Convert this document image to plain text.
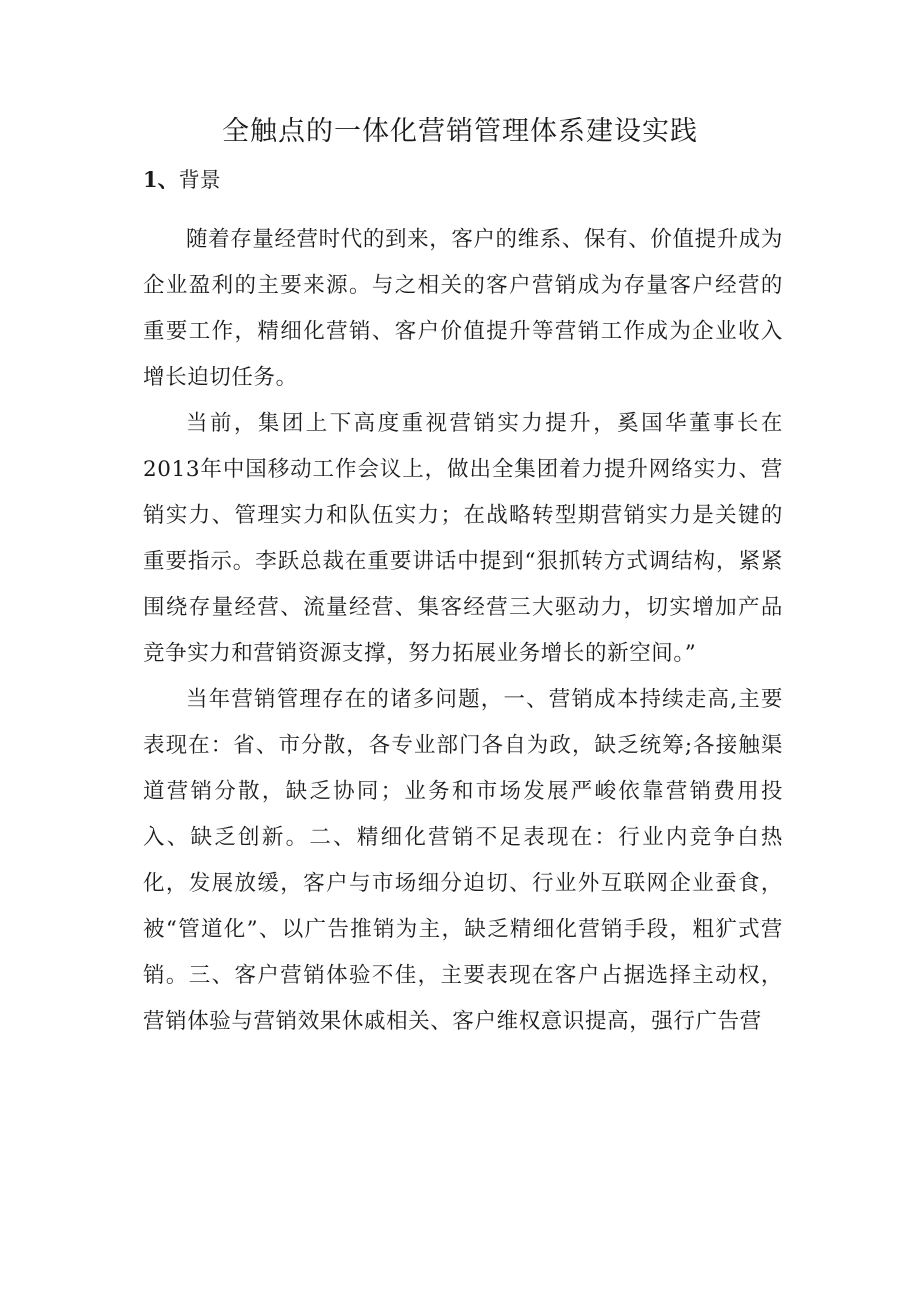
全触点的一体化营销管理体系建设实践
1、背景

随着存量经营时代的到来，客户的维系、保有、价值提升成为企业盈利的主要来源。与之相关的客户营销成为存量客户经营的重要工作，精细化营销、客户价值提升等营销工作成为企业收入增长迫切任务。

当前，集团上下高度重视营销实力提升，奚国华董事长在2013年中国移动工作会议上，做出全集团着力提升网络实力、营销实力、管理实力和队伍实力；在战略转型期营销实力是关键的重要指示。李跃总裁在重要讲话中提到“狠抓转方式调结构，紧紧围绕存量经营、流量经营、集客经营三大驱动力，切实增加产品竞争实力和营销资源支撑，努力拓展业务增长的新空间。”

当年营销管理存在的诸多问题，一、营销成本持续走高,主要表现在：省、市分散，各专业部门各自为政，缺乏统筹;各接触渠道营销分散，缺乏协同；业务和市场发展严峻依靠营销费用投入、缺乏创新。二、精细化营销不足表现在：行业内竞争白热化，发展放缓，客户与市场细分迫切、行业外互联网企业蚕食，被“管道化”、以广告推销为主，缺乏精细化营销手段，粗犷式营销。三、客户营销体验不佳，主要表现在客户占据选择主动权，营销体验与营销效果休戚相关、客户维权意识提高，强行广告营
